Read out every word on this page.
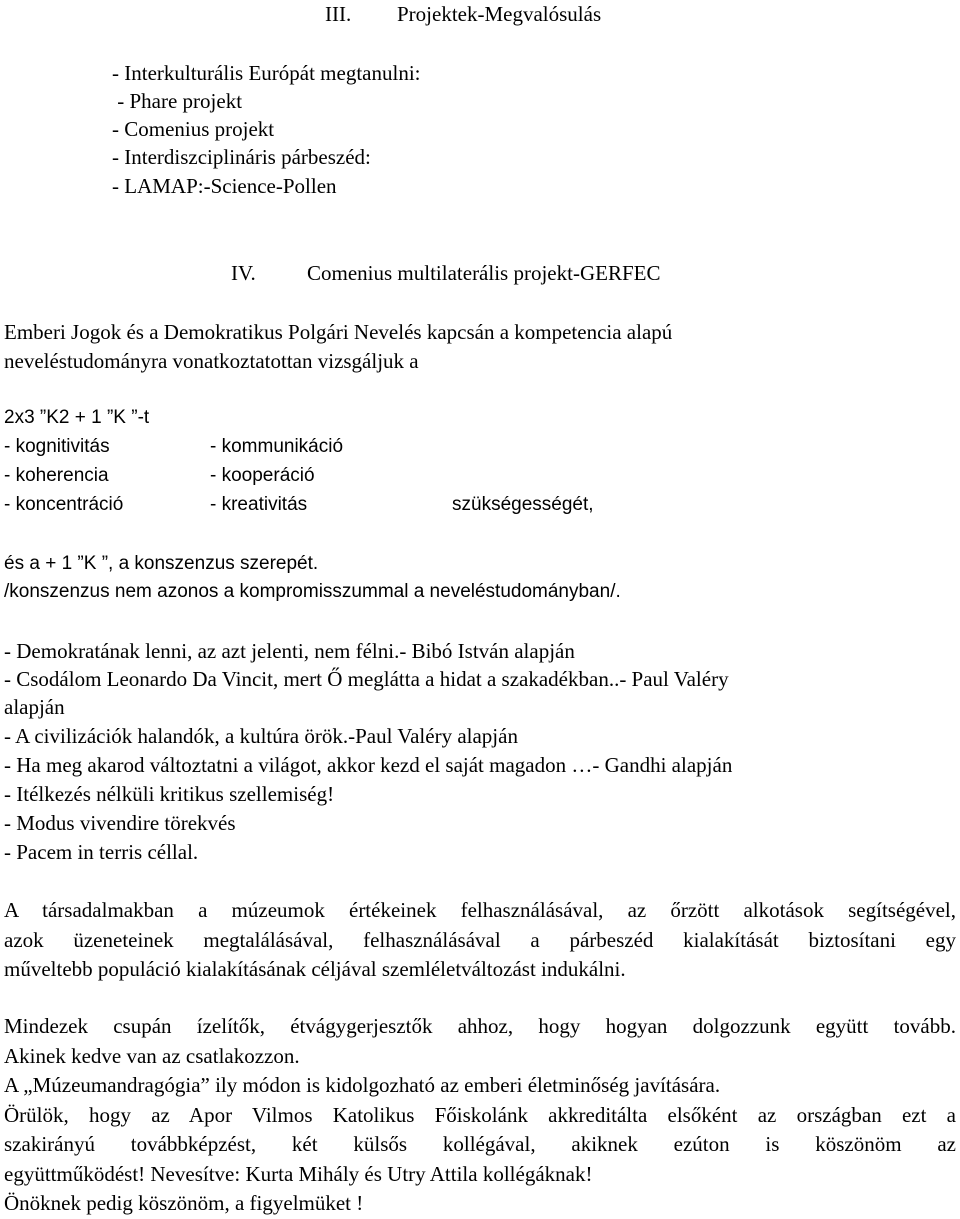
III. Projektek-Megvalósulás
- Interkulturális Európát megtanulni:
- Phare projekt
- Comenius projekt
- Interdiszciplináris párbeszéd:
- LAMAP:-Science-Pollen
IV. Comenius multilaterális projekt-GERFEC
Emberi Jogok és a Demokratikus Polgári Nevelés kapcsán a kompetencia alapú
neveléstudományra vonatkoztatottan vizsgáljuk a
2x3 ”K2 + 1 ”K ”-t
- kognitivitás	- kommunikáció
- koherencia	- kooperáció
- koncentráció	- kreativitás	szükségességét,
és a + 1 ”K ”, a konszenzus szerepét.
/konszenzus nem azonos a kompromisszummal a neveléstudományban/.
- Demokratának lenni, az azt jelenti, nem félni.- Bibó István alapján
- Csodálom Leonardo Da Vincit, mert Ő meglátta a hidat a szakadékban..- Paul Valéry
alapján
- A civilizációk halandók, a kultúra örök.-Paul Valéry alapján
- Ha meg akarod változtatni a világot, akkor kezd el saját magadon …- Gandhi alapján
- Itélkezés nélküli kritikus szellemiség!
- Modus vivendire törekvés
- Pacem in terris céllal.
A társadalmakban a múzeumok értékeinek felhasználásával, az őrzött alkotások segítségével,
azok üzeneteinek megtalálásával, felhasználásával a párbeszéd kialakítását biztosítani egy
műveltebb populáció kialakításának céljával szemléletváltozást indukálni.
Mindezek csupán ízelítők, étvágygerjesztők ahhoz, hogy hogyan dolgozzunk együtt tovább.
Akinek kedve van az csatlakozzon.
A „Múzeumandragógia” ily módon is kidolgozható az emberi életminőség javítására.
Örülök, hogy az Apor Vilmos Katolikus Főiskolánk akkreditálta elsőként az országban ezt a
szakirányú továbbképzést, két külsős kollégával, akiknek ezúton is köszönöm az
együttműködést! Nevesítve: Kurta Mihály és Utry Attila kollégáknak!
Önöknek pedig köszönöm, a figyelmüket !
